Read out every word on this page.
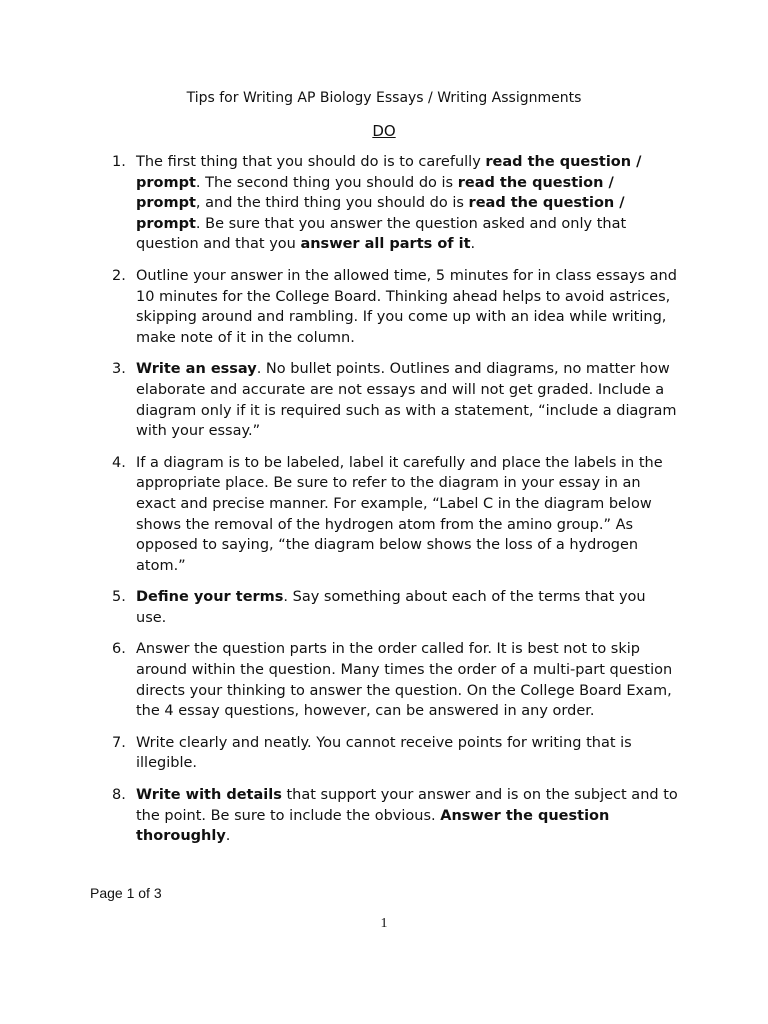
Tips for Writing AP Biology Essays / Writing Assignments
DO
1. The first thing that you should do is to carefully read the question / prompt. The second thing you should do is read the question / prompt, and the third thing you should do is read the question / prompt. Be sure that you answer the question asked and only that question and that you answer all parts of it.
2. Outline your answer in the allowed time, 5 minutes for in class essays and 10 minutes for the College Board. Thinking ahead helps to avoid astrices, skipping around and rambling. If you come up with an idea while writing, make note of it in the column.
3. Write an essay. No bullet points. Outlines and diagrams, no matter how elaborate and accurate are not essays and will not get graded. Include a diagram only if it is required such as with a statement, “include a diagram with your essay.”
4. If a diagram is to be labeled, label it carefully and place the labels in the appropriate place. Be sure to refer to the diagram in your essay in an exact and precise manner. For example, “Label C in the diagram below shows the removal of the hydrogen atom from the amino group.” As opposed to saying, “the diagram below shows the loss of a hydrogen atom.”
5. Define your terms. Say something about each of the terms that you use.
6. Answer the question parts in the order called for. It is best not to skip around within the question. Many times the order of a multi-part question directs your thinking to answer the question. On the College Board Exam, the 4 essay questions, however, can be answered in any order.
7. Write clearly and neatly. You cannot receive points for writing that is illegible.
8. Write with details that support your answer and is on the subject and to the point. Be sure to include the obvious. Answer the question thoroughly.
Page 1 of 3
1
